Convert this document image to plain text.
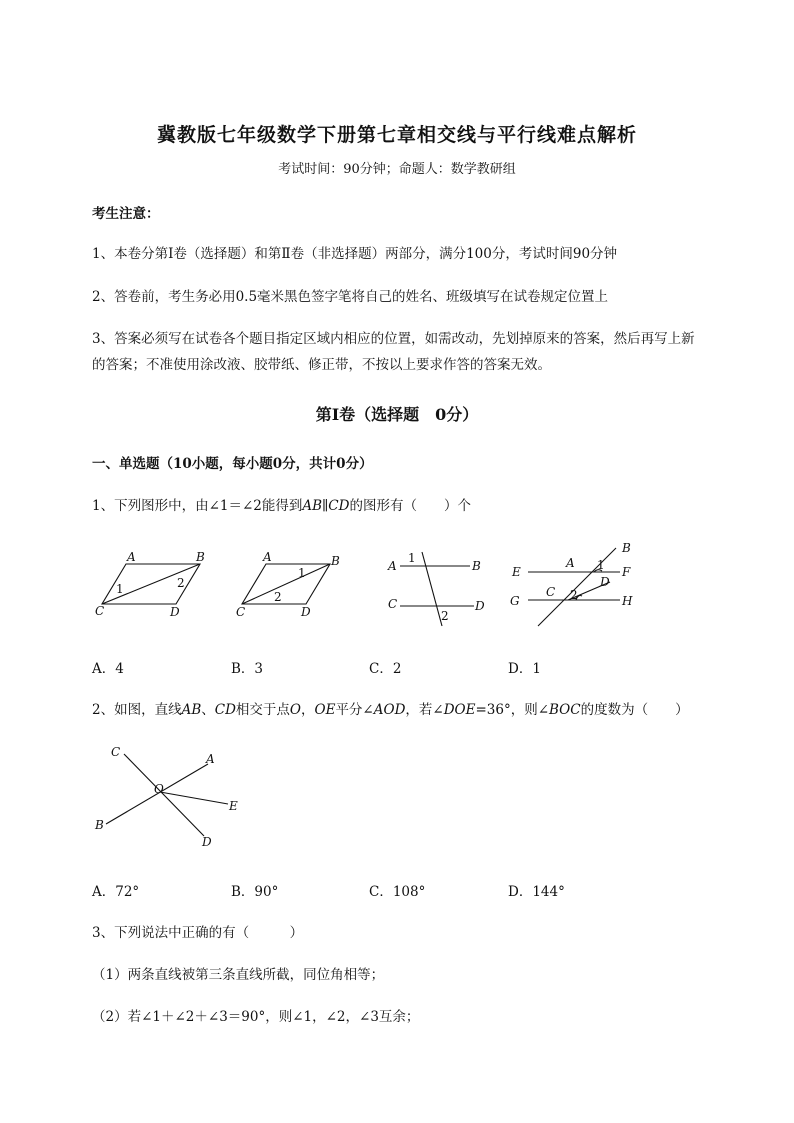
冀教版七年级数学下册第七章相交线与平行线难点解析
考试时间：90分钟；命题人：数学教研组
考生注意：
1、本卷分第Ⅰ卷（选择题）和第Ⅱ卷（非选择题）两部分，满分100分，考试时间90分钟
2、答卷前，考生务必用0.5毫米黑色签字笔将自己的姓名、班级填写在试卷规定位置上
3、答案必须写在试卷各个题目指定区域内相应的位置，如需改动，先划掉原来的答案，然后再写上新
的答案；不准使用涂改液、胶带纸、修正带，不按以上要求作答的答案无效。
第Ⅰ卷（选择题　0分）
一、单选题（10小题，每小题0分，共计0分）
1、下列图形中，由∠1＝∠2能得到AB∥CD的图形有（　　）个
A	B
C	D
1	2
A	B
C	D
1
2
A	B
C	D
1
2
B
A 1 F
E
D
C 2
G	H
A．4	B．3	C．2	D．1
2、如图，直线AB、CD相交于点O，OE平分∠AOD，若∠DOE=36°，则∠BOC的度数为（　　）
C	A
O
E
B
D
A．72°	B．90°	C．108°	D．144°
3、下列说法中正确的有（　　　）
（1）两条直线被第三条直线所截，同位角相等；
（2）若∠1＋∠2＋∠3＝90°，则∠1，∠2，∠3互余；
